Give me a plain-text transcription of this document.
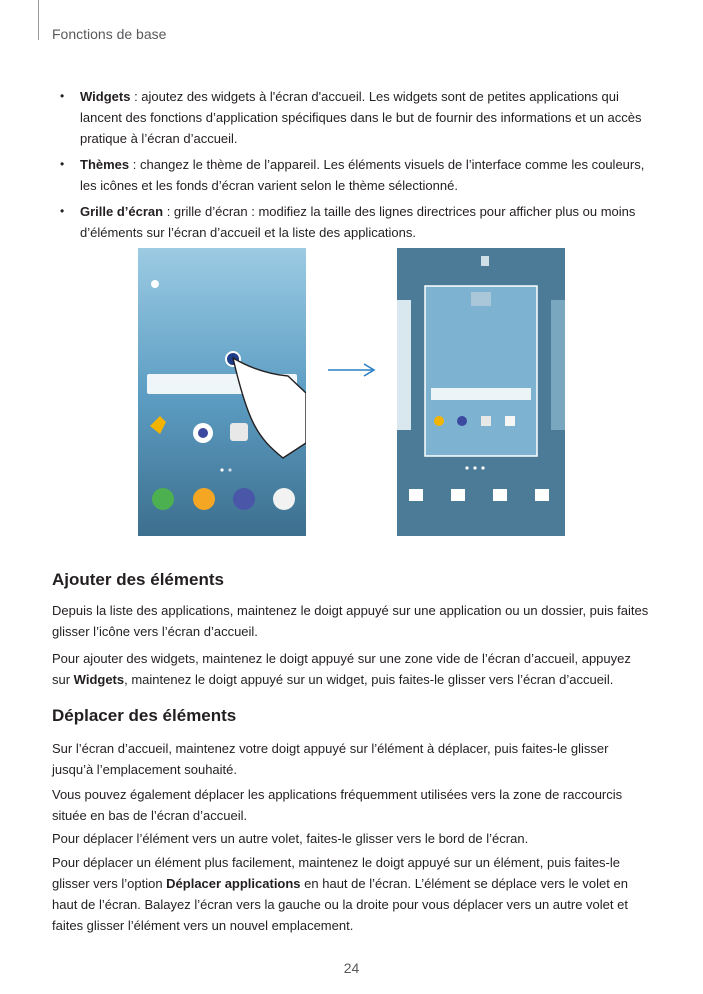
Fonctions de base
• Widgets : ajoutez des widgets à l'écran d'accueil. Les widgets sont de petites applications qui lancent des fonctions d’application spécifiques dans le but de fournir des informations et un accès pratique à l’écran d’accueil.
• Thèmes : changez le thème de l’appareil. Les éléments visuels de l’interface comme les couleurs, les icônes et les fonds d’écran varient selon le thème sélectionné.
• Grille d’écran : grille d’écran : modifiez la taille des lignes directrices pour afficher plus ou moins d’éléments sur l’écran d’accueil et la liste des applications.
Ajouter des éléments

Depuis la liste des applications, maintenez le doigt appuyé sur une application ou un dossier, puis faites glisser l’icône vers l’écran d’accueil.

Pour ajouter des widgets, maintenez le doigt appuyé sur une zone vide de l’écran d’accueil, appuyez sur Widgets, maintenez le doigt appuyé sur un widget, puis faites-le glisser vers l’écran d’accueil.

Déplacer des éléments

Sur l’écran d’accueil, maintenez votre doigt appuyé sur l’élément à déplacer, puis faites-le glisser jusqu’à l’emplacement souhaité.

Vous pouvez également déplacer les applications fréquemment utilisées vers la zone de raccourcis située en bas de l’écran d’accueil.

Pour déplacer l’élément vers un autre volet, faites-le glisser vers le bord de l’écran.

Pour déplacer un élément plus facilement, maintenez le doigt appuyé sur un élément, puis faites-le glisser vers l’option Déplacer applications en haut de l’écran. L’élément se déplace vers le volet en haut de l’écran. Balayez l’écran vers la gauche ou la droite pour vous déplacer vers un autre volet et faites glisser l’élément vers un nouvel emplacement.

24
